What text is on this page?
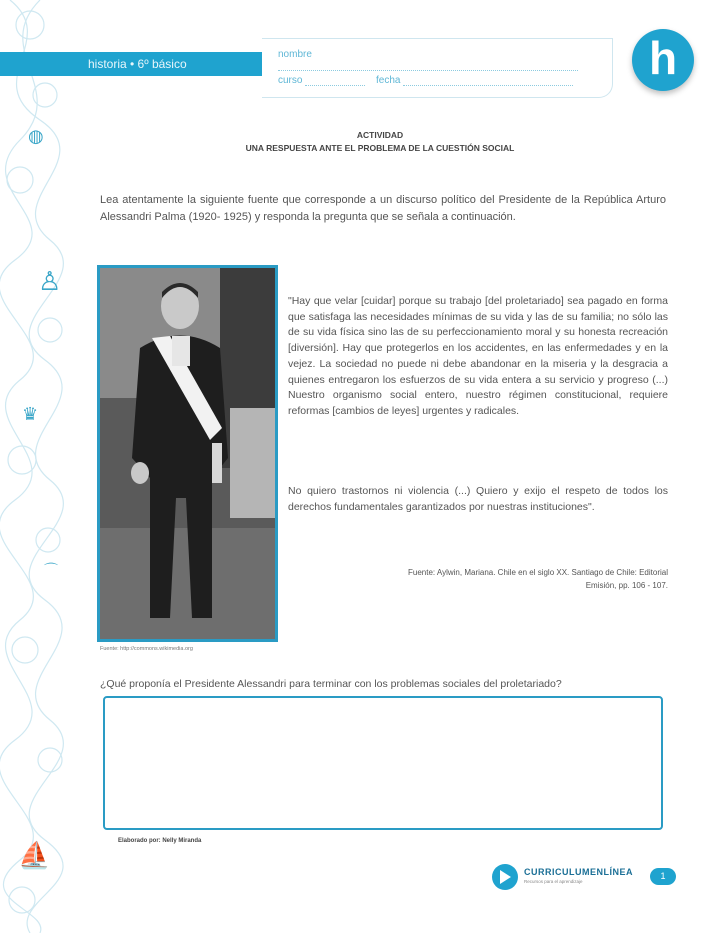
◍
♙
♛
⌒
⛵
historia • 6º básico
nombre
curso	fecha	h
ACTIVIDAD
UNA RESPUESTA ANTE EL PROBLEMA DE LA CUESTIÓN SOCIAL

Lea atentamente la siguiente fuente que corresponde a un discurso político del Presidente de la República Arturo Alessandri Palma (1920- 1925) y responda la pregunta que se señala a continuación.

Fuente: http://commons.wikimedia.org

"Hay que velar [cuidar] porque su trabajo [del proletariado] sea pagado en forma que satisfaga las necesidades mínimas de su vida y las de su familia; no sólo las de su vida física sino las de su perfeccionamiento moral y su honesta recreación [diversión]. Hay que protegerlos en los accidentes, en las enfermedades y en la vejez. La sociedad no puede ni debe abandonar en la miseria y la desgracia a quienes entregaron los esfuerzos de su vida entera a su servicio y progreso (...) Nuestro organismo social entero, nuestro régimen constitucional, requiere reformas [cambios de leyes] urgentes y radicales.

No quiero trastornos ni violencia (...) Quiero y exijo el respeto de todos los derechos fundamentales garantizados por nuestras instituciones".

Fuente: Aylwin, Mariana. Chile en el siglo XX. Santiago de Chile: Editorial
Emisión, pp. 106 - 107.

¿Qué proponía el Presidente Alessandri para terminar con los problemas sociales del proletariado?
Elaborado por: Nelly Miranda
CURRICULUMENLÍNEA
Recursos para el aprendizaje
1
